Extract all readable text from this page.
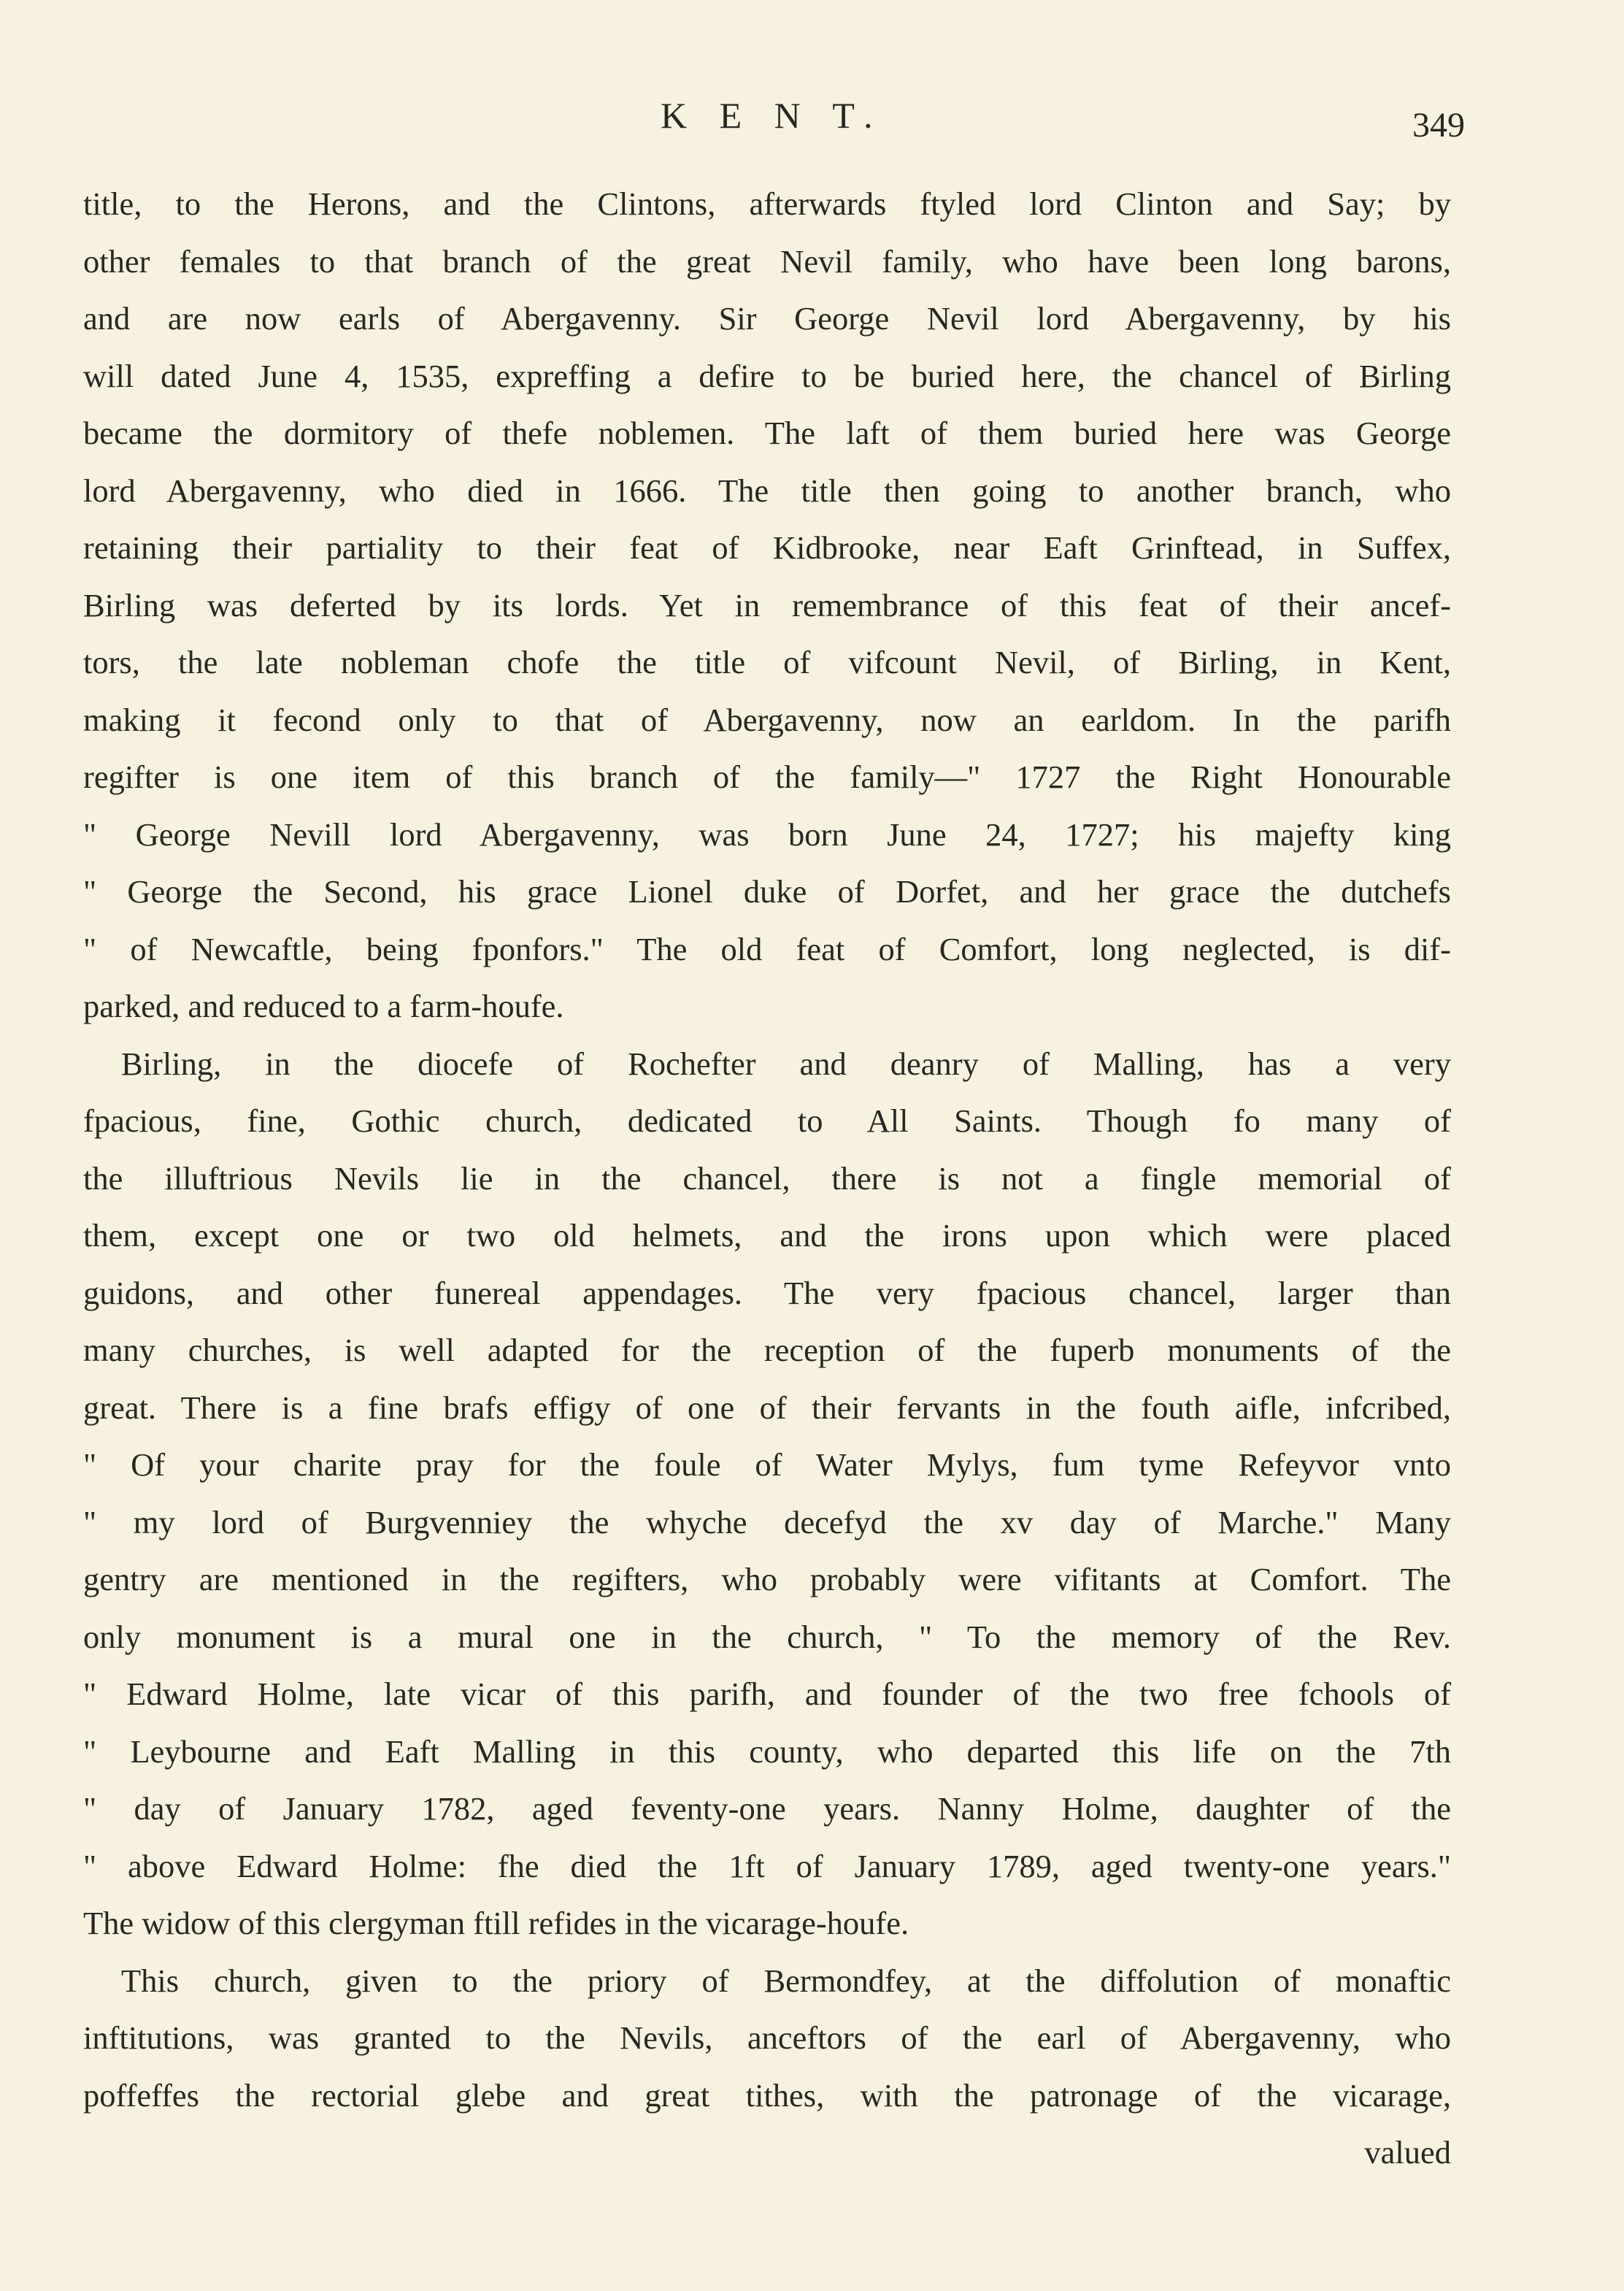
K E N T.	349
title, to the Herons, and the Clintons, afterwards ftyled lord Clinton and Say; by
other females to that branch of the great Nevil family, who have been long barons,
and are now earls of Abergavenny. Sir George Nevil lord Abergavenny, by his
will dated June 4, 1535, expreffing a defire to be buried here, the chancel of Birling
became the dormitory of thefe noblemen. The laft of them buried here was George
lord Abergavenny, who died in 1666. The title then going to another branch, who
retaining their partiality to their feat of Kidbrooke, near Eaft Grinftead, in Suffex,
Birling was deferted by its lords. Yet in remembrance of this feat of their ancef-
tors, the late nobleman chofe the title of vifcount Nevil, of Birling, in Kent,
making it fecond only to that of Abergavenny, now an earldom. In the parifh
regifter is one item of this branch of the family—" 1727 the Right Honourable
" George Nevill lord Abergavenny, was born June 24, 1727; his majefty king
" George the Second, his grace Lionel duke of Dorfet, and her grace the dutchefs
" of Newcaftle, being fponfors." The old feat of Comfort, long neglected, is dif-
parked, and reduced to a farm-houfe.
Birling, in the diocefe of Rochefter and deanry of Malling, has a very
fpacious, fine, Gothic church, dedicated to All Saints. Though fo many of
the illuftrious Nevils lie in the chancel, there is not a fingle memorial of
them, except one or two old helmets, and the irons upon which were placed
guidons, and other funereal appendages. The very fpacious chancel, larger than
many churches, is well adapted for the reception of the fuperb monuments of the
great. There is a fine brafs effigy of one of their fervants in the fouth aifle, infcribed,
" Of your charite pray for the foule of Water Mylys, fum tyme Refeyvor vnto
" my lord of Burgvenniey the whyche decefyd the xv day of Marche." Many
gentry are mentioned in the regifters, who probably were vifitants at Comfort. The
only monument is a mural one in the church, " To the memory of the Rev.
" Edward Holme, late vicar of this parifh, and founder of the two free fchools of
" Leybourne and Eaft Malling in this county, who departed this life on the 7th
" day of January 1782, aged feventy-one years. Nanny Holme, daughter of the
" above Edward Holme: fhe died the 1ft of January 1789, aged twenty-one years."
The widow of this clergyman ftill refides in the vicarage-houfe.
This church, given to the priory of Bermondfey, at the diffolution of monaftic
inftitutions, was granted to the Nevils, anceftors of the earl of Abergavenny, who
poffeffes the rectorial glebe and great tithes, with the patronage of the vicarage,
valued
